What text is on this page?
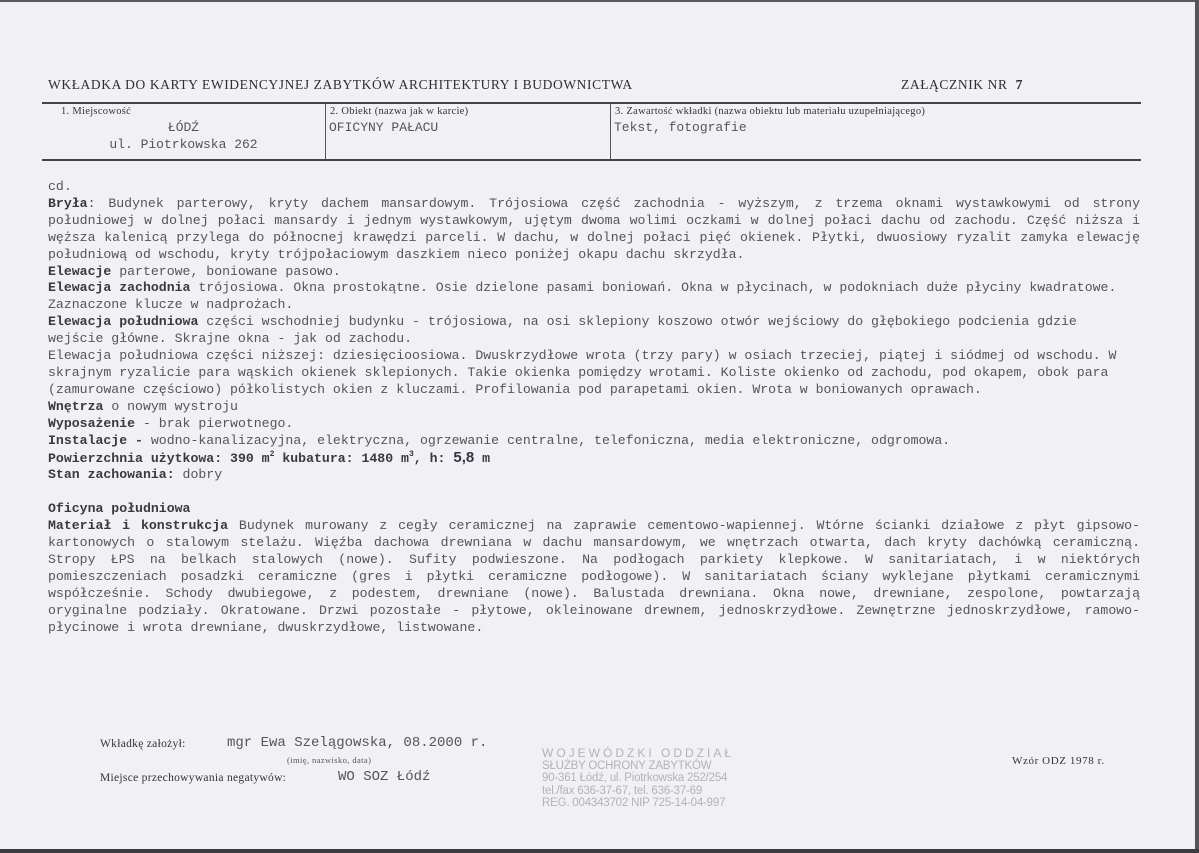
WKŁADKA DO KARTY EWIDENCYJNEJ ZABYTKÓW ARCHITEKTURY I BUDOWNICTWA	ZAŁĄCZNIK NR 7
1. Miejscowość
ŁÓDŹ
ul. Piotrkowska 262
2. Obiekt (nazwa jak w karcie)
OFICYNY PAŁACU
3. Zawartość wkładki (nazwa obiektu lub materiału uzupełniającego)
Tekst, fotografie

cd.

Bryła: Budynek parterowy, kryty dachem mansardowym. Trójosiowa część zachodnia - wyższym, z trzema oknami wystawkowymi od strony południowej w dolnej połaci mansardy i jednym wystawkowym, ujętym dwoma wolimi oczkami w dolnej połaci dachu od zachodu. Część niższa i węższa kalenicą przylega do północnej krawędzi parceli. W dachu, w dolnej połaci pięć okienek. Płytki, dwuosiowy ryzalit zamyka elewację południową od wschodu, kryty trójpołaciowym daszkiem nieco poniżej okapu dachu skrzydła.

Elewacje parterowe, boniowane pasowo.

Elewacja zachodnia trójosiowa. Okna prostokątne. Osie dzielone pasami boniowań. Okna w płycinach, w podokniach duże płyciny kwadratowe. Zaznaczone klucze w nadprożach.

Elewacja południowa części wschodniej budynku - trójosiowa, na osi sklepiony koszowo otwór wejściowy do głębokiego podcienia gdzie wejście główne. Skrajne okna - jak od zachodu.

Elewacja południowa części niższej: dziesięcioosiowa. Dwuskrzydłowe wrota (trzy pary) w osiach trzeciej, piątej i siódmej od wschodu. W skrajnym ryzalicie para wąskich okienek sklepionych. Takie okienka pomiędzy wrotami. Koliste okienko od zachodu, pod okapem, obok para (zamurowane częściowo) półkolistych okien z kluczami. Profilowania pod parapetami okien. Wrota w boniowanych oprawach.

Wnętrza o nowym wystroju

Wyposażenie - brak pierwotnego.

Instalacje - wodno-kanalizacyjna, elektryczna, ogrzewanie centralne, telefoniczna, media elektroniczne, odgromowa.

Powierzchnia użytkowa: 390 $m^2$ kubatura: 1480 $m^3$, h: 5,8 m

Stan zachowania: dobry

Oficyna południowa

Materiał i konstrukcja Budynek murowany z cegły ceramicznej na zaprawie cementowo-wapiennej. Wtórne ścianki działowe z płyt gipsowo-kartonowych o stalowym stelażu. Więźba dachowa drewniana w dachu mansardowym, we wnętrzach otwarta, dach kryty dachówką ceramiczną. Stropy ŁPS na belkach stalowych (nowe). Sufity podwieszone. Na podłogach parkiety klepkowe. W sanitariatach, i w niektórych pomieszczeniach posadzki ceramiczne (gres i płytki ceramiczne podłogowe). W sanitariatach ściany wyklejane płytkami ceramicznymi współcześnie. Schody dwubiegowe, z podestem, drewniane (nowe). Balustada drewniana. Okna nowe, drewniane, zespolone, powtarzają oryginalne podziały. Okratowane. Drzwi pozostałe - płytowe, okleinowane drewnem, jednoskrzydłowe. Zewnętrzne jednoskrzydłowe, ramowo-płycinowe i wrota drewniane, dwuskrzydłowe, listwowane.

Wkładkę założył:	mgr Ewa Szelągowska, 08.2000 r.
(imię, nazwisko, data)
Miejsce przechowywania negatywów:	WO SOZ Łódź
WOJEWÓDZKI ODDZIAŁ
SŁUŻBY OCHRONY ZABYTKÓW
90-361 Łódź, ul. Piotrkowska 252/254
tel./fax 636-37-67, tel. 636-37-69
REG. 004343702 NIP 725-14-04-997
Wzór ODZ 1978 r.
